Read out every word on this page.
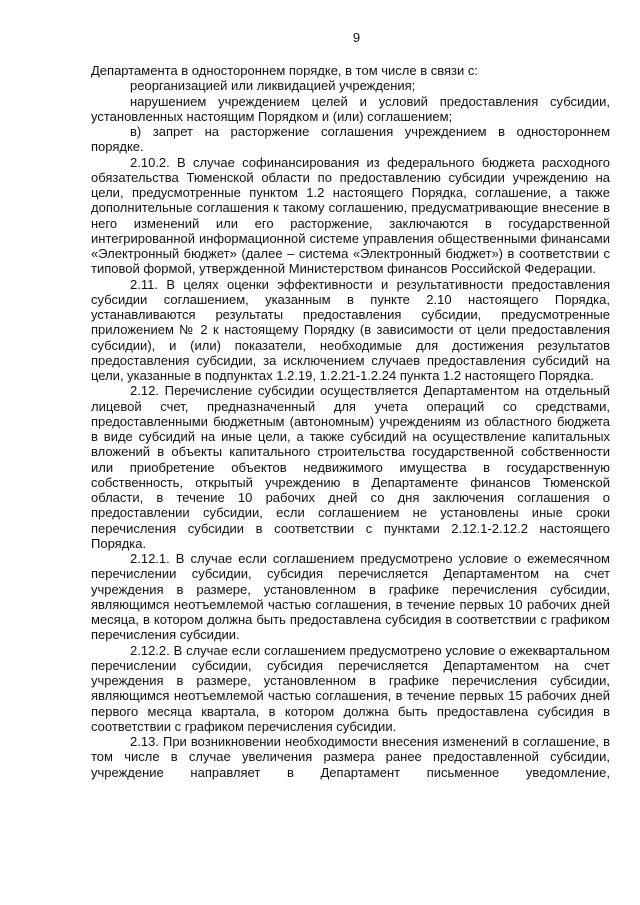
9

Департамента в одностороннем порядке, в том числе в связи с:

реорганизацией или ликвидацией учреждения;

нарушением учреждением целей и условий предоставления субсидии, установленных настоящим Порядком и (или) соглашением;

в) запрет на расторжение соглашения учреждением в одностороннем порядке.

2.10.2. В случае софинансирования из федерального бюджета расходного обязательства Тюменской области по предоставлению субсидии учреждению на цели, предусмотренные пунктом 1.2 настоящего Порядка, соглашение, а также дополнительные соглашения к такому соглашению, предусматривающие внесение в него изменений или его расторжение, заключаются в государственной интегрированной информационной системе управления общественными финансами «Электронный бюджет» (далее – система «Электронный бюджет») в соответствии с типовой формой, утвержденной Министерством финансов Российской Федерации.

2.11. В целях оценки эффективности и результативности предоставления субсидии соглашением, указанным в пункте 2.10 настоящего Порядка, устанавливаются результаты предоставления субсидии, предусмотренные приложением № 2 к настоящему Порядку (в зависимости от цели предоставления субсидии), и (или) показатели, необходимые для достижения результатов предоставления субсидии, за исключением случаев предоставления субсидий на цели, указанные в подпунктах 1.2.19, 1.2.21-1.2.24 пункта 1.2 настоящего Порядка.

2.12. Перечисление субсидии осуществляется Департаментом на отдельный лицевой счет, предназначенный для учета операций со средствами, предоставленными бюджетным (автономным) учреждениям из областного бюджета в виде субсидий на иные цели, а также субсидий на осуществление капитальных вложений в объекты капитального строительства государственной собственности или приобретение объектов недвижимого имущества в государственную собственность, открытый учреждению в Департаменте финансов Тюменской области, в течение 10 рабочих дней со дня заключения соглашения о предоставлении субсидии, если соглашением не установлены иные сроки перечисления субсидии в соответствии с пунктами 2.12.1-2.12.2 настоящего Порядка.

2.12.1. В случае если соглашением предусмотрено условие о ежемесячном перечислении субсидии, субсидия перечисляется Департаментом на счет учреждения в размере, установленном в графике перечисления субсидии, являющимся неотъемлемой частью соглашения, в течение первых 10 рабочих дней месяца, в котором должна быть предоставлена субсидия в соответствии с графиком перечисления субсидии.

2.12.2. В случае если соглашением предусмотрено условие о ежеквартальном перечислении субсидии, субсидия перечисляется Департаментом на счет учреждения в размере, установленном в графике перечисления субсидии, являющимся неотъемлемой частью соглашения, в течение первых 15 рабочих дней первого месяца квартала, в котором должна быть предоставлена субсидия в соответствии с графиком перечисления субсидии.

2.13. При возникновении необходимости внесения изменений в соглашение, в том числе в случае увеличения размера ранее предоставленной субсидии, учреждение направляет в Департамент письменное уведомление,
